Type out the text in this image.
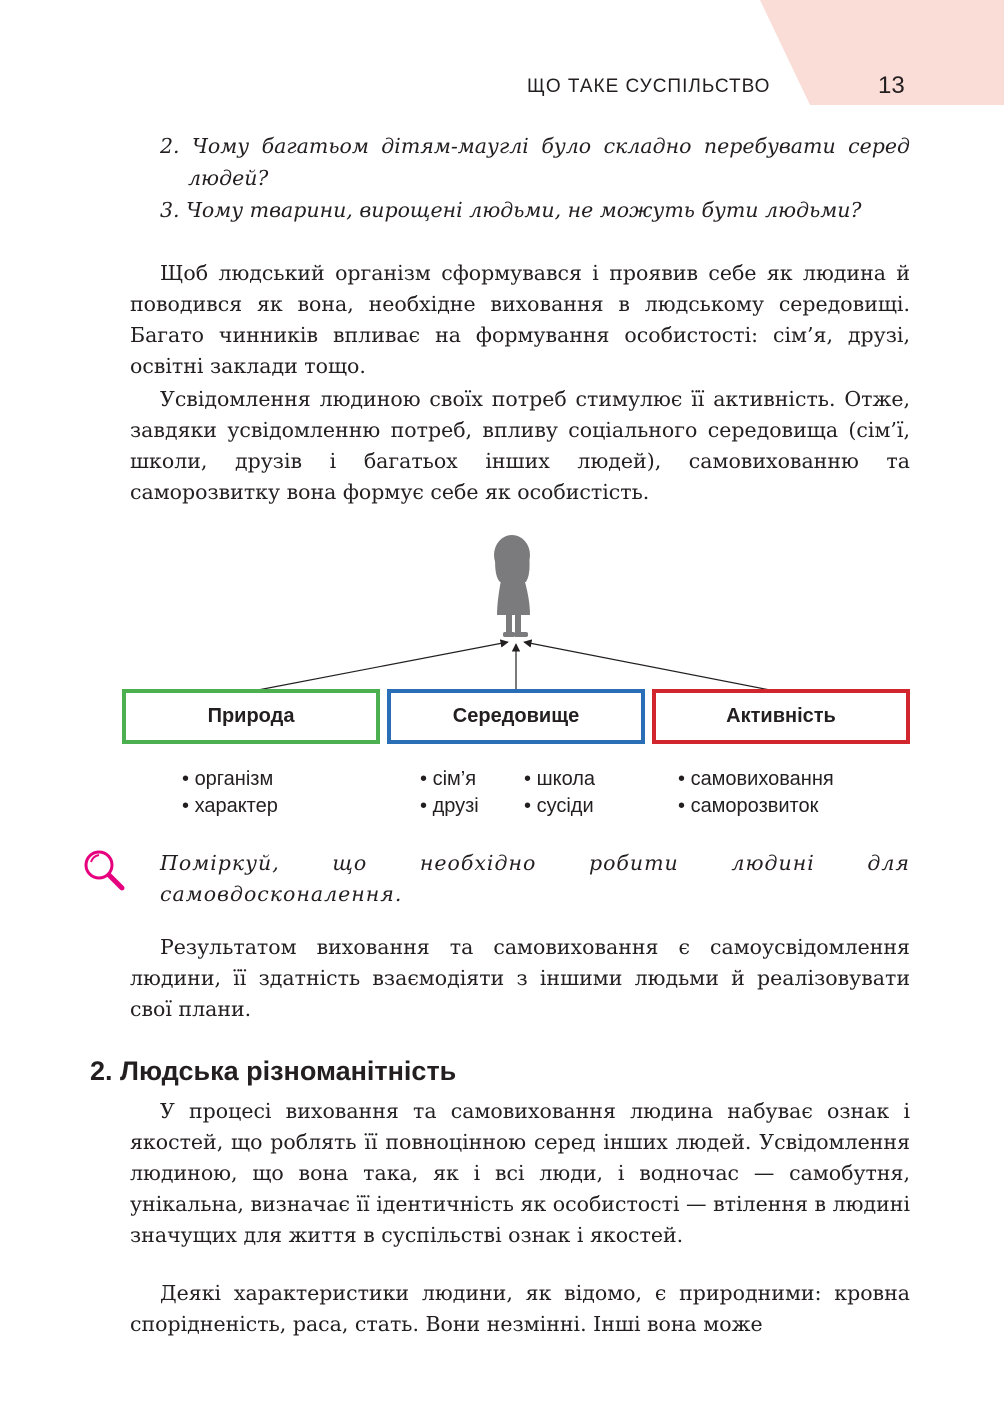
ЩО ТАКЕ СУСПІЛЬСТВО	13
2. Чому багатьом дітям-мауглі було складно перебувати серед людей?
3. Чому тварини, вирощені людьми, не можуть бути людьми?

Щоб людський організм сформувався і проявив себе як людина й поводився як вона, необхідне виховання в людському середовищі. Багато чинників впливає на формування особистості: сім’я, друзі, освітні заклади тощо.

Усвідомлення людиною своїх потреб стимулює її активність. Отже, завдяки усвідомленню потреб, впливу соціального середовища (сім’ї, школи, друзів і багатьох інших людей), самовихованню та саморозвитку вона формує себе як особистість.

Природа	Середовище	Активність
• організм
• характер
• сім’я
• друзі
• школа
• сусіди
• самовиховання
• саморозвиток
Поміркуй, що необхідно робити людині для самовдосконалення.

Результатом виховання та самовиховання є самоусвідомлення людини, її здатність взаємодіяти з іншими людьми й реалізовувати свої плани.

2. Людська різноманітність

У процесі виховання та самовиховання людина набуває ознак і якостей, що роблять її повноцінною серед інших людей. Усвідомлення людиною, що вона така, як і всі люди, і водночас — самобутня, унікальна, визначає її ідентичність як особистості — втілення в людині значущих для життя в суспільстві ознак і якостей.

Деякі характеристики людини, як відомо, є природними: кровна спорідненість, раса, стать. Вони незмінні. Інші вона може
